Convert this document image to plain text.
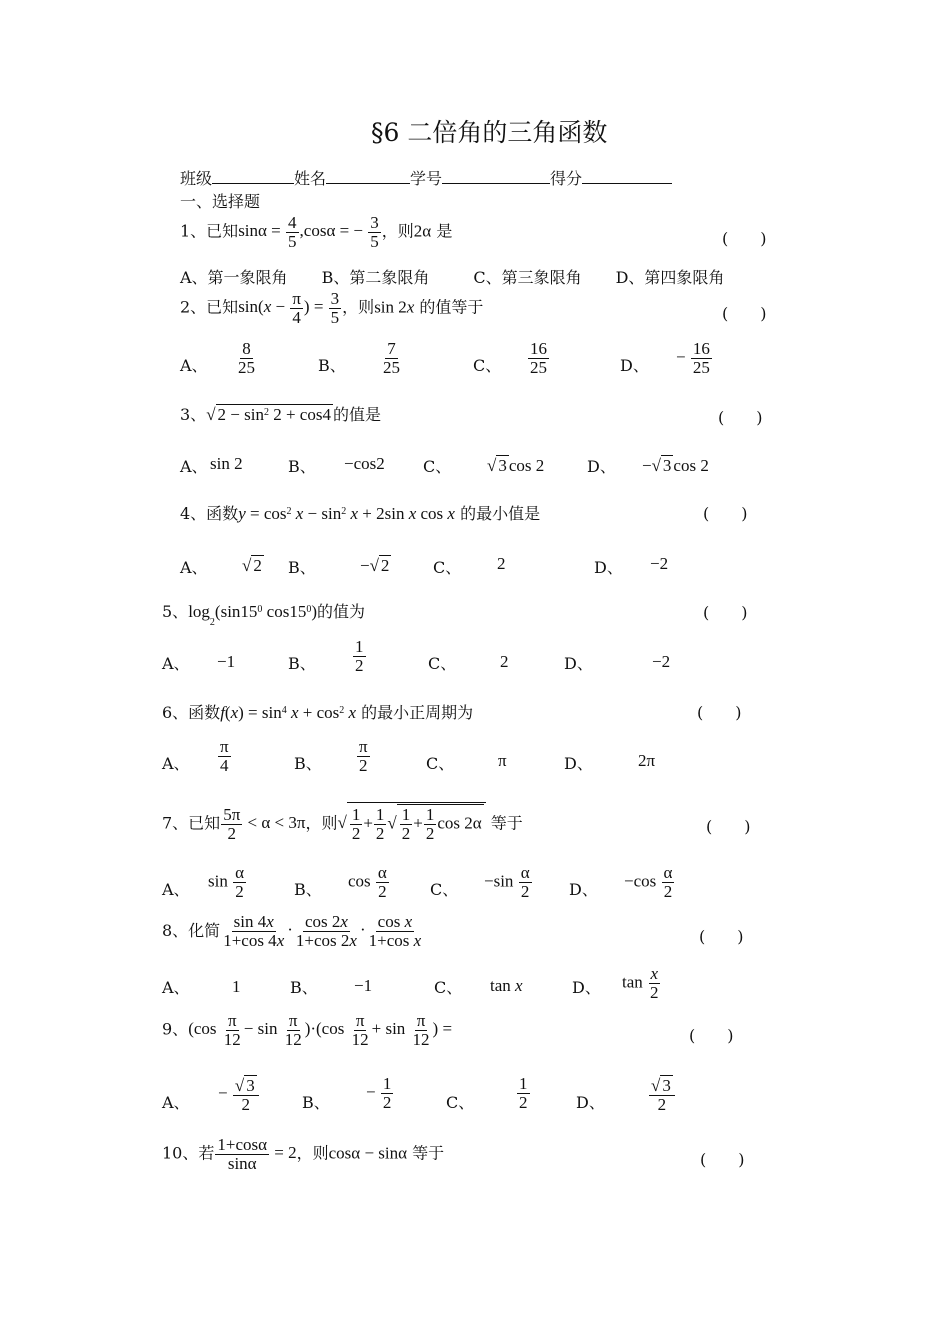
§6 二倍角的三角函数
班级	姓名	学号	得分
一、选择题
1、已知$\sin\alpha = \frac{4}{5} ,\cos\alpha$ = − $\frac{3}{5}$ ，则2α 是	(　　)
A、第一象限角 B、第二象限角	C、第三象限角 D、第四象限角
2、已知$\sin(x - \frac{\pi}{4}$ ) = $\frac{3}{5}$ ，则sin 2x 的值等于	(　　)
A、 $\frac{8}{25}$	B、 $\frac{7}{25}$	C、 $\frac{16}{25}$	D、 − $\frac{16}{25}$
3、√ $2 - \sin^2 2 + \cos 4$ 的值是	(　　)
A、 sin 2	B、 −cos2 C、 √ 3 cos 2	D、 −√ 3 cos 2
4、函数$y = \cos^2 x - \sin^2 x + 2\sin$ x cos x 的最小值是	(　　)
A、 √ 2 B、	−√ 2	C、 2	D、 −2
5、$\log_2(\sin 15^0$ $\cos 15^0$)的值为	(　　)
A、 −1	B、 $\frac{1}{2}$	C、	2	D、	−2
6、函数$f(x) = \sin^4 x + \cos^2 x$ 的最小正周期为	(　　)
A、 $\frac{\pi}{4}$	B、 $\frac{\pi}{2}$	C、	π	D、	2π
7、已知 $\frac{5\pi}{2} < \alpha < 3\pi$，则√ $\frac{1}{2} + \frac{1}{2}$ √ $\frac{1}{2} + \frac{1}{2}$ cos 2α 等于	(　　)
A、 $\sin \frac{\alpha}{2}$	B、 $\cos \frac{\alpha}{2}$	C、 $-\sin \frac{\alpha}{2}$ D、 $-\cos \frac{\alpha}{2}$
8、化简 $\frac{\sin 4x}{1+\cos 4x} \cdot \frac{\cos 2x}{1+\cos 2x} \cdot \frac{\text{cos x}}{\text{1+cos x}}$	(　　)
A、 1	B、 −1	C、 tan x	D、 $\tan \frac{x}{2}$
9、$(\cos \frac{\pi}{12} - \sin \frac{\pi}{12} )\cdot(\cos \frac{\pi}{12} + \sin \frac{\pi}{12}$ ) =	(　　)
A、
− $\frac{√ 3}{2}$	B、
− $\frac{1}{2}$	C、	$\frac{1}{2}$	D、	$\frac{√ 3}{2}$
10、若 $\frac{1+\cos\alpha}{\sin\alpha} = 2$，则cosα − sinα 等于	(　　)
